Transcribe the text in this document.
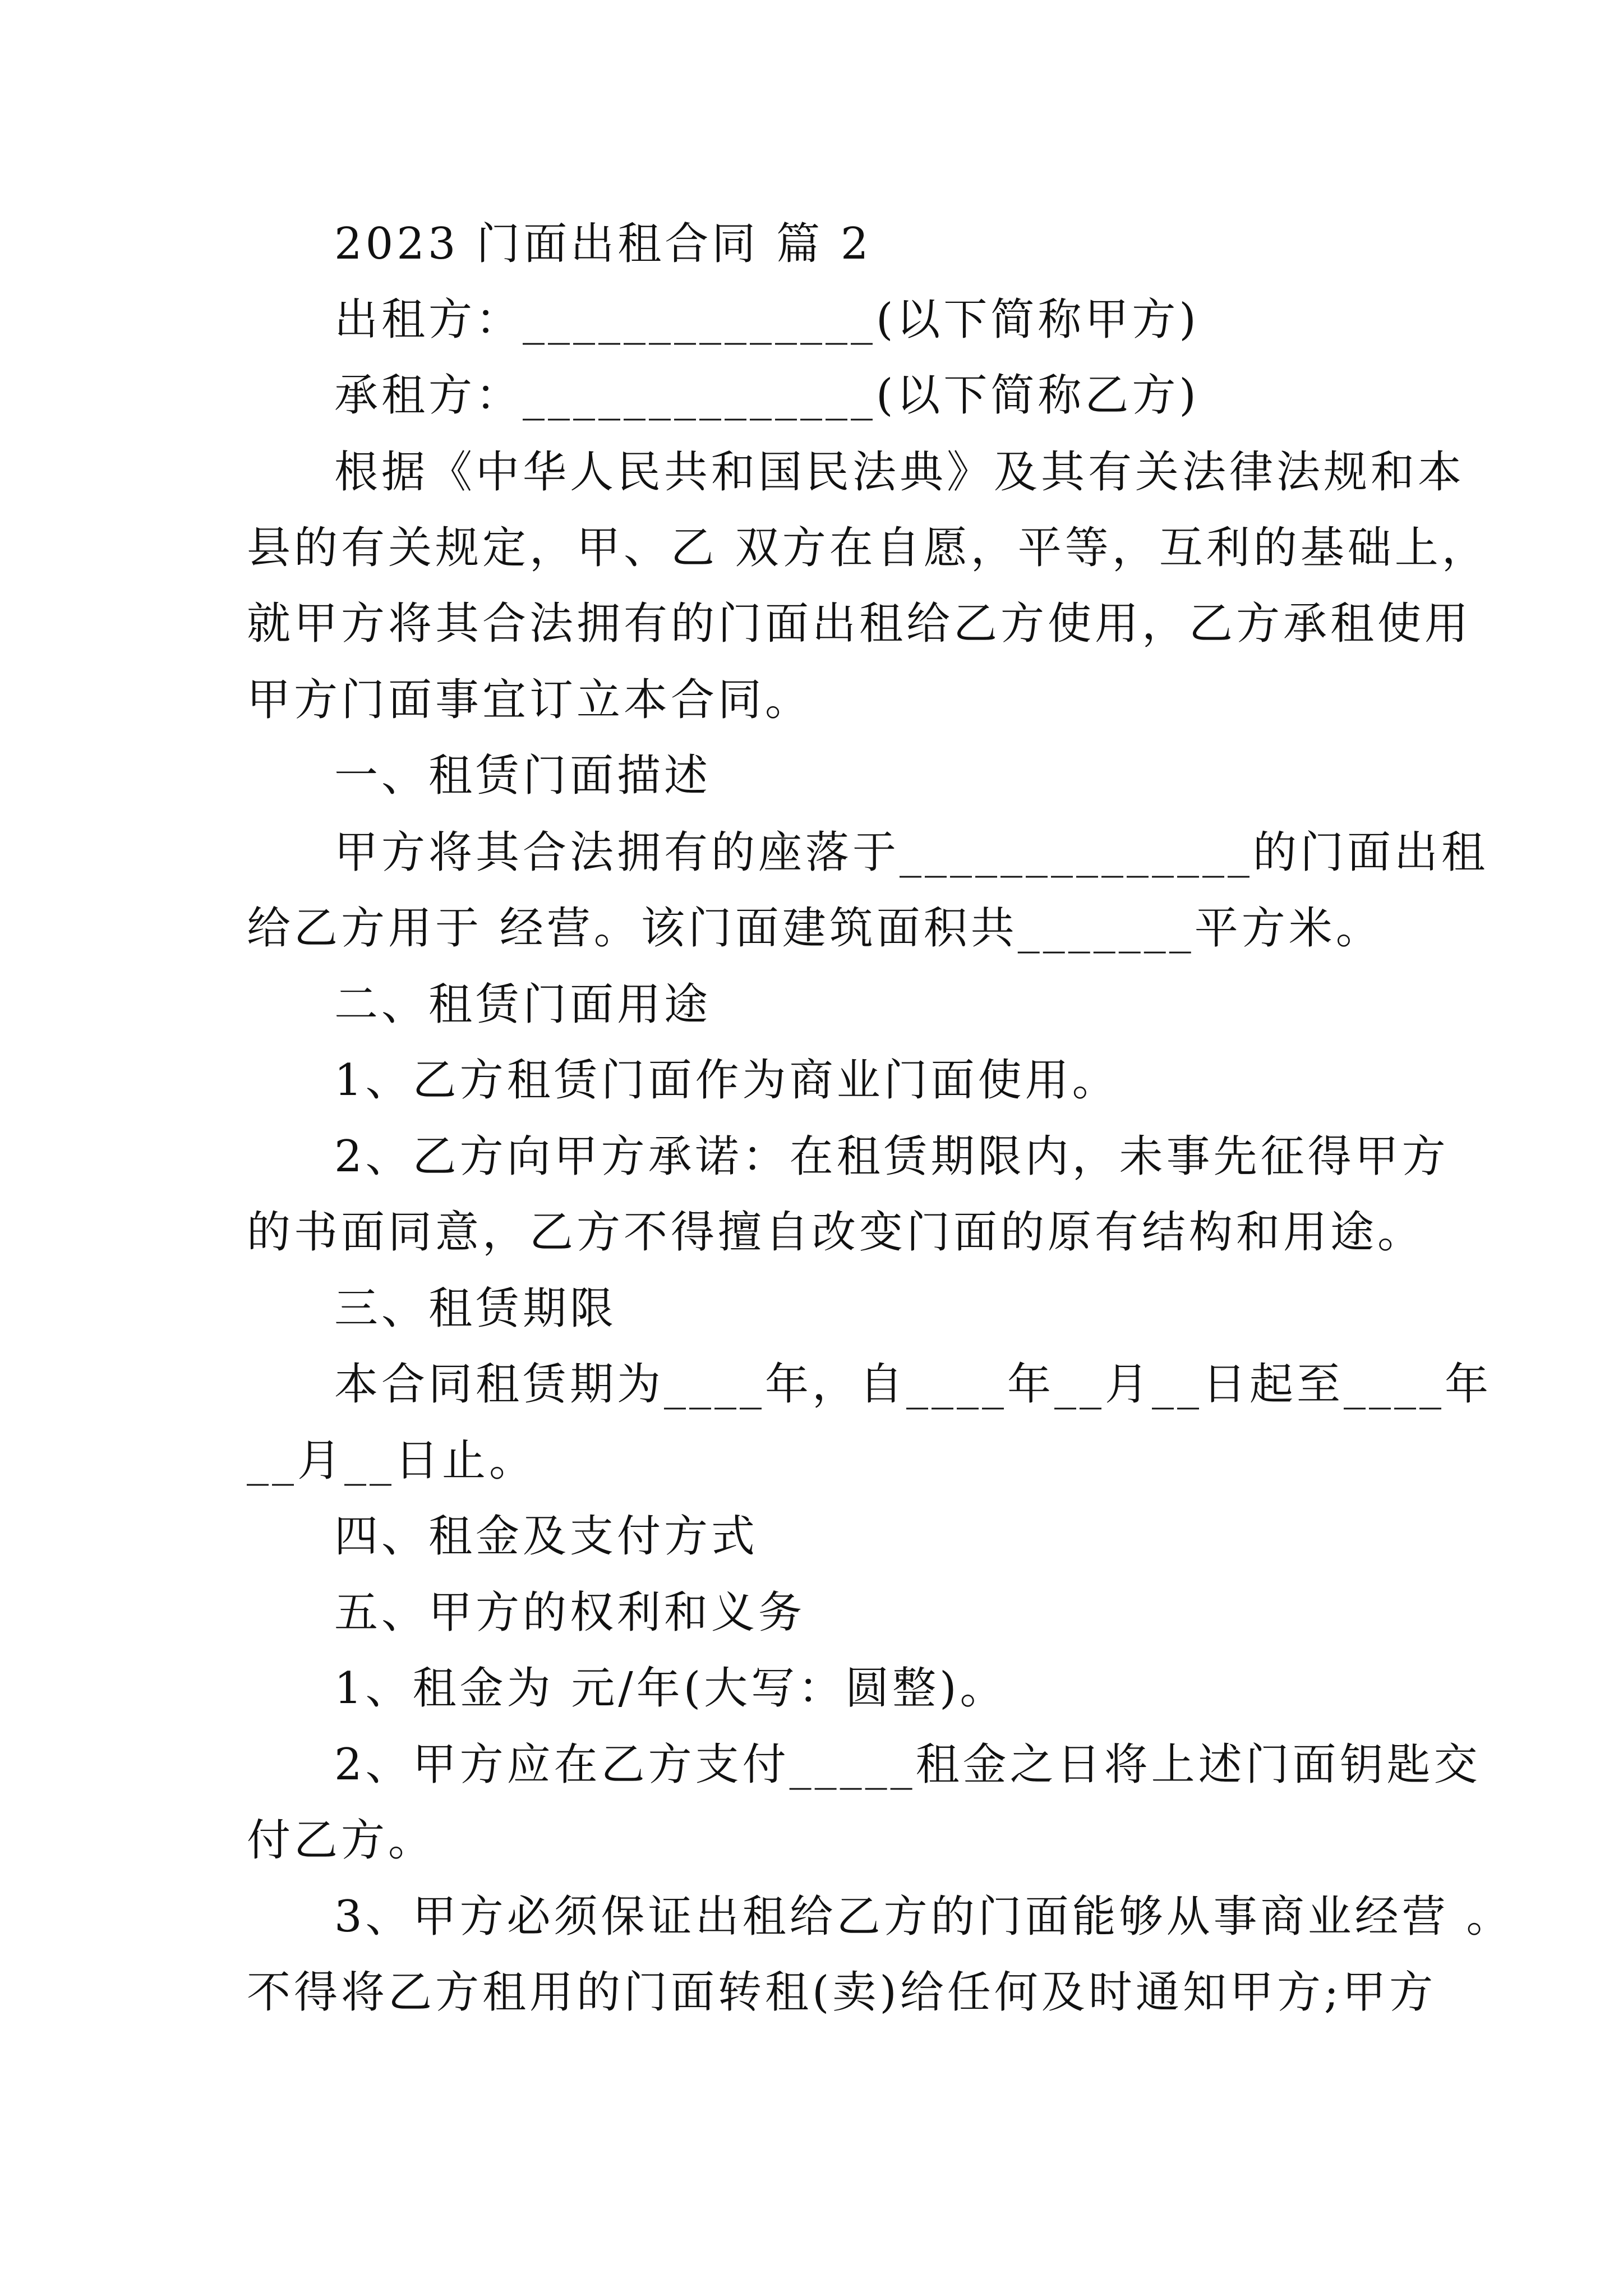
2023 门面出租合同 篇 2
出租方：______________(以下简称甲方)
承租方：______________(以下简称乙方)
根据《中华人民共和国民法典》及其有关法律法规和本
县的有关规定，甲、乙 双方在自愿，平等，互利的基础上，
就甲方将其合法拥有的门面出租给乙方使用，乙方承租使用
甲方门面事宜订立本合同。
一、租赁门面描述
甲方将其合法拥有的座落于______________的门面出租
给乙方用于 经营。该门面建筑面积共_______平方米。
二、租赁门面用途
1、乙方租赁门面作为商业门面使用。
2、乙方向甲方承诺：在租赁期限内，未事先征得甲方
的书面同意，乙方不得擅自改变门面的原有结构和用途。
三、租赁期限
本合同租赁期为____年，自____年__月__日起至____年
__月__日止。
四、租金及支付方式
五、甲方的权利和义务
1、租金为 元/年(大写：圆整)。
2、甲方应在乙方支付_____租金之日将上述门面钥匙交
付乙方。
3、甲方必须保证出租给乙方的门面能够从事商业经营 。
不得将乙方租用的门面转租(卖)给任何及时通知甲方;甲方
